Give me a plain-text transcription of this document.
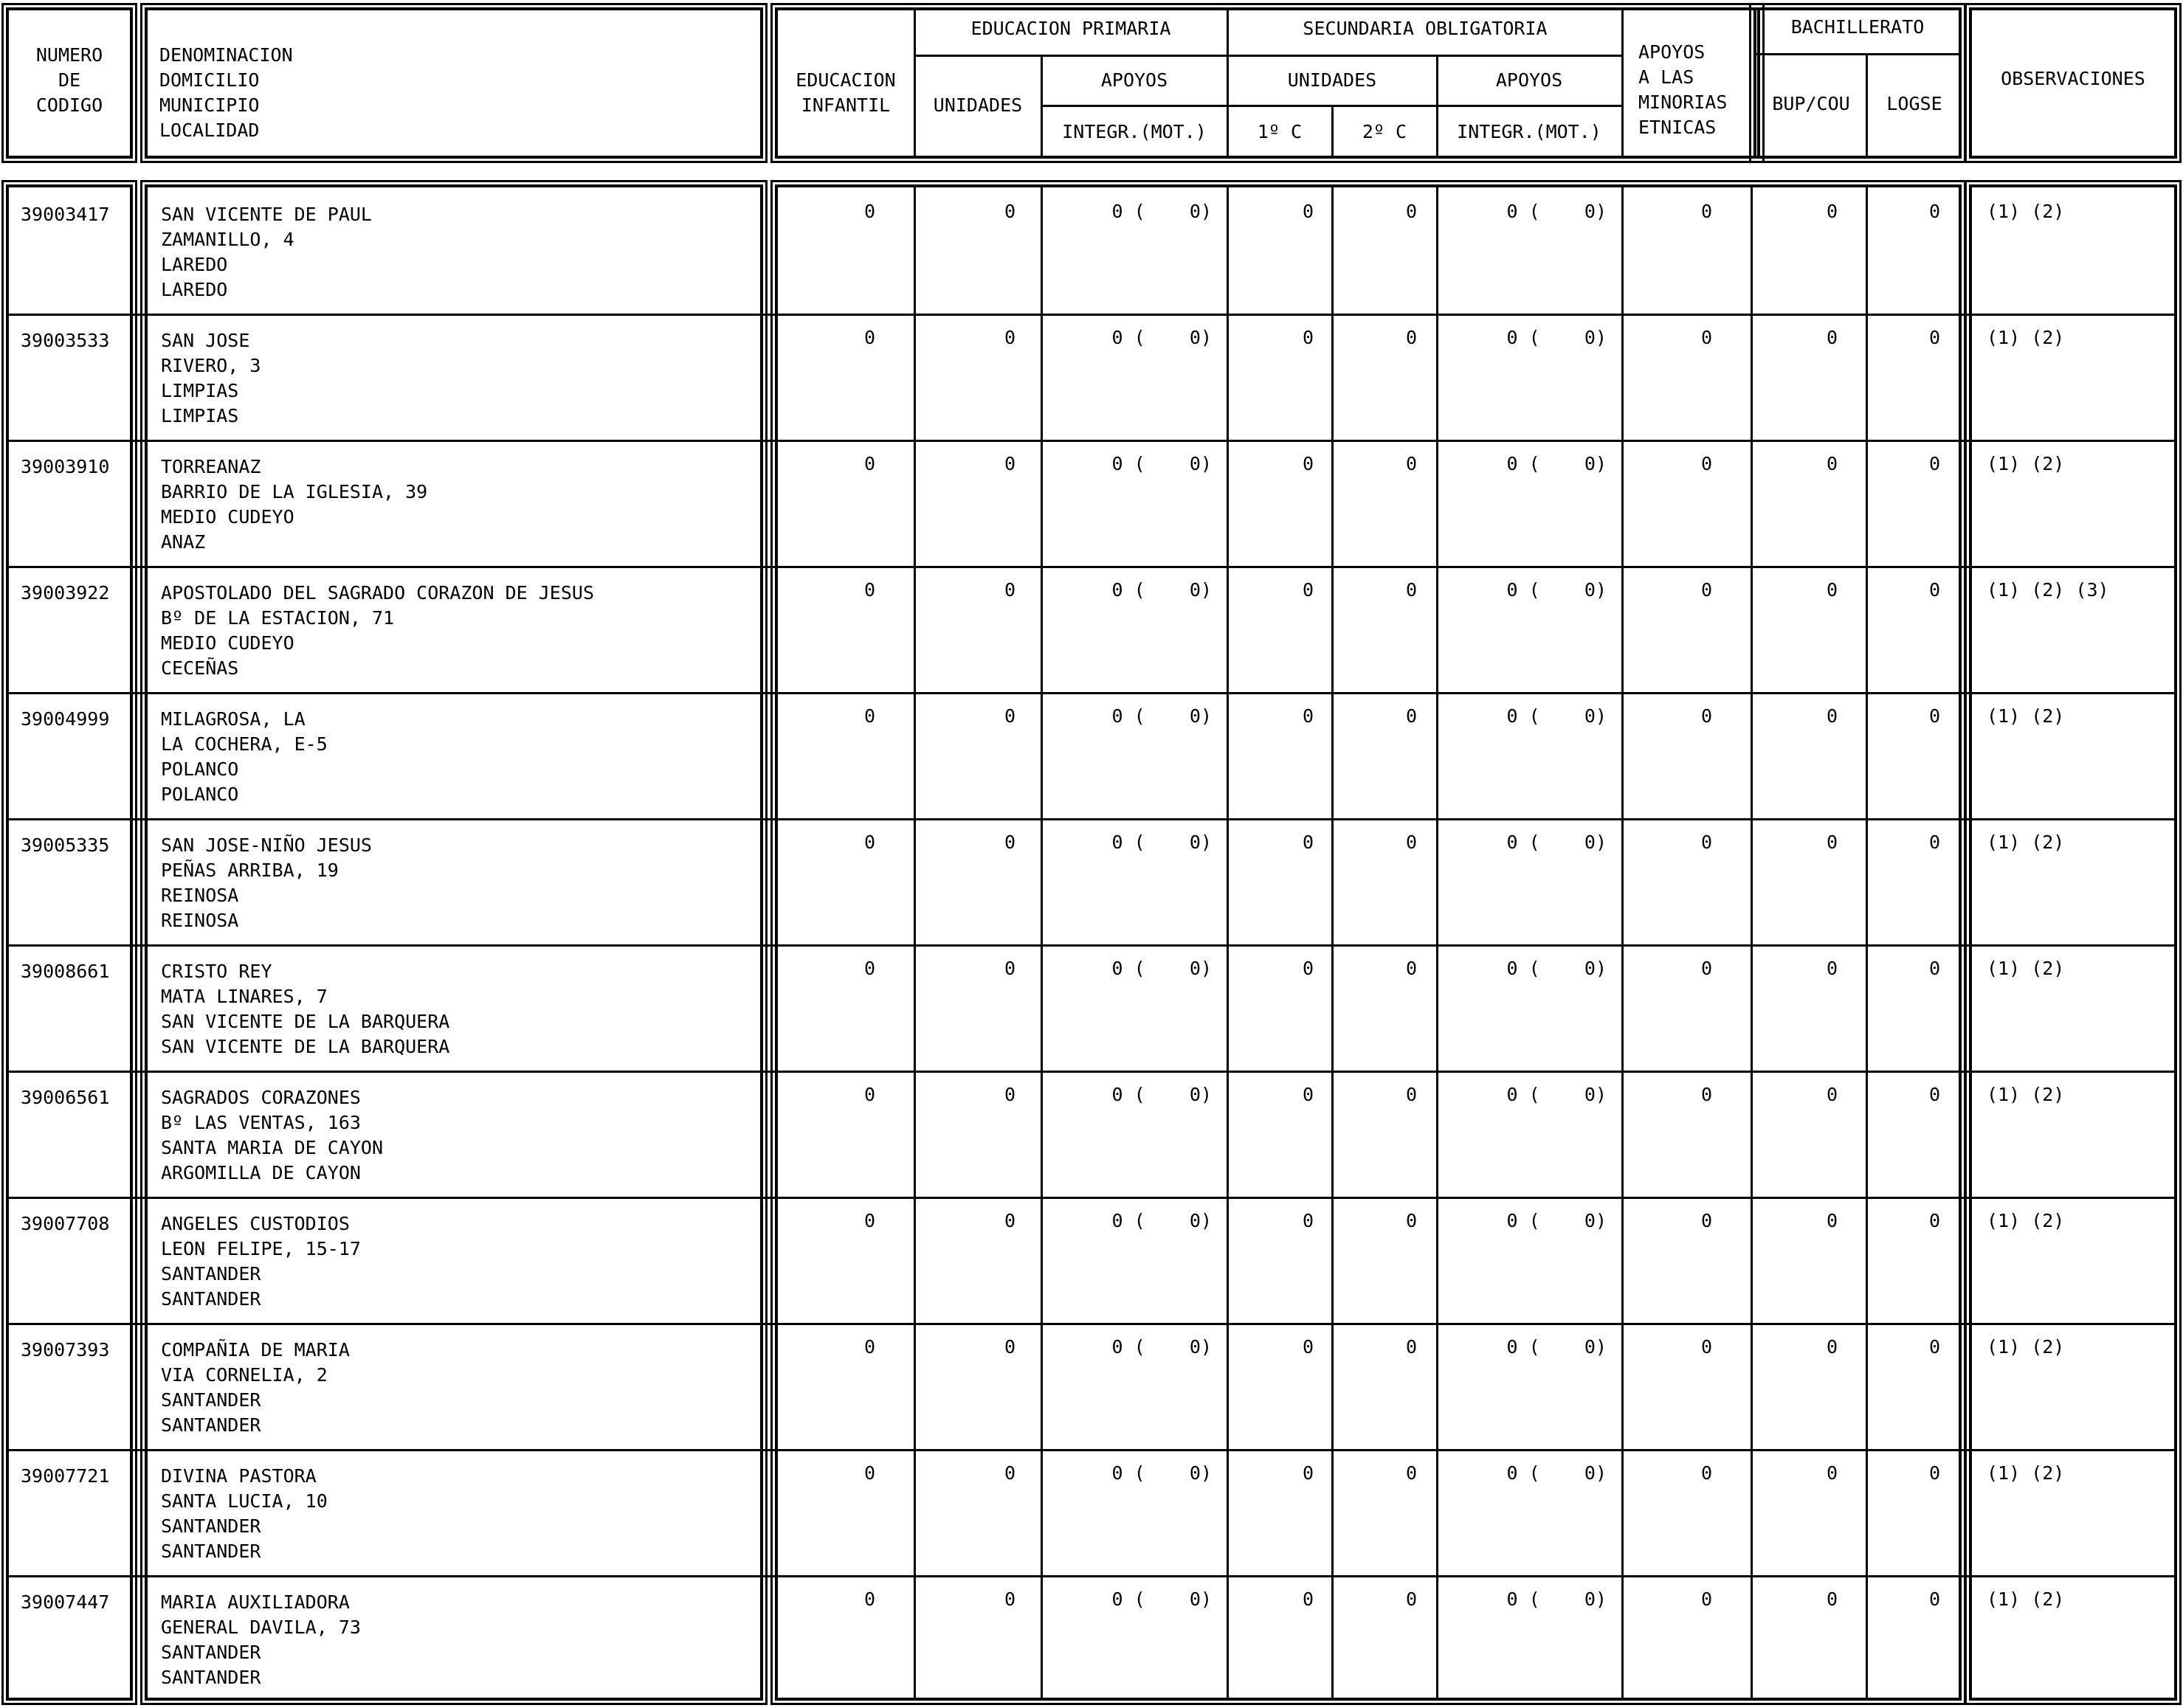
NUMERO
DE
CODIGO
DENOMINACION
DOMICILIO
MUNICIPIO
LOCALIDAD
EDUCACION
INFANTIL
EDUCACION PRIMARIA
UNIDADES
APOYOS
INTEGR.(MOT.)
SECUNDARIA OBLIGATORIA
UNIDADES
1º C	2º C
APOYOS
INTEGR.(MOT.)
APOYOS
A LAS
MINORIAS
ETNICAS
BACHILLERATO
BUP/COU	LOGSE
OBSERVACIONES
39003417	SAN VICENTE DE PAUL
ZAMANILLO, 4
LAREDO
LAREDO
0	0	0 (    0)	0	0	0 (    0)	0	0	0	(1) (2)
39003533	SAN JOSE
RIVERO, 3
LIMPIAS
LIMPIAS
0	0	0 (    0)	0	0	0 (    0)	0	0	0	(1) (2)
39003910	TORREANAZ
BARRIO DE LA IGLESIA, 39
MEDIO CUDEYO
ANAZ
0	0	0 (    0)	0	0	0 (    0)	0	0	0	(1) (2)
39003922	APOSTOLADO DEL SAGRADO CORAZON DE JESUS
Bº DE LA ESTACION, 71
MEDIO CUDEYO
CECEÑAS
0	0	0 (    0)	0	0	0 (    0)	0	0	0	(1) (2) (3)
39004999	MILAGROSA, LA
LA COCHERA, E-5
POLANCO
POLANCO
0	0	0 (    0)	0	0	0 (    0)	0	0	0	(1) (2)
39005335	SAN JOSE-NIÑO JESUS
PEÑAS ARRIBA, 19
REINOSA
REINOSA
0	0	0 (    0)	0	0	0 (    0)	0	0	0	(1) (2)
39008661	CRISTO REY
MATA LINARES, 7
SAN VICENTE DE LA BARQUERA
SAN VICENTE DE LA BARQUERA
0	0	0 (    0)	0	0	0 (    0)	0	0	0	(1) (2)
39006561	SAGRADOS CORAZONES
Bº LAS VENTAS, 163
SANTA MARIA DE CAYON
ARGOMILLA DE CAYON
0	0	0 (    0)	0	0	0 (    0)	0	0	0	(1) (2)
39007708	ANGELES CUSTODIOS
LEON FELIPE, 15-17
SANTANDER
SANTANDER
0	0	0 (    0)	0	0	0 (    0)	0	0	0	(1) (2)
39007393	COMPAÑIA DE MARIA
VIA CORNELIA, 2
SANTANDER
SANTANDER
0	0	0 (    0)	0	0	0 (    0)	0	0	0	(1) (2)
39007721	DIVINA PASTORA
SANTA LUCIA, 10
SANTANDER
SANTANDER
0	0	0 (    0)	0	0	0 (    0)	0	0	0	(1) (2)
39007447	MARIA AUXILIADORA
GENERAL DAVILA, 73
SANTANDER
SANTANDER
0	0	0 (    0)	0	0	0 (    0)	0	0	0	(1) (2)
